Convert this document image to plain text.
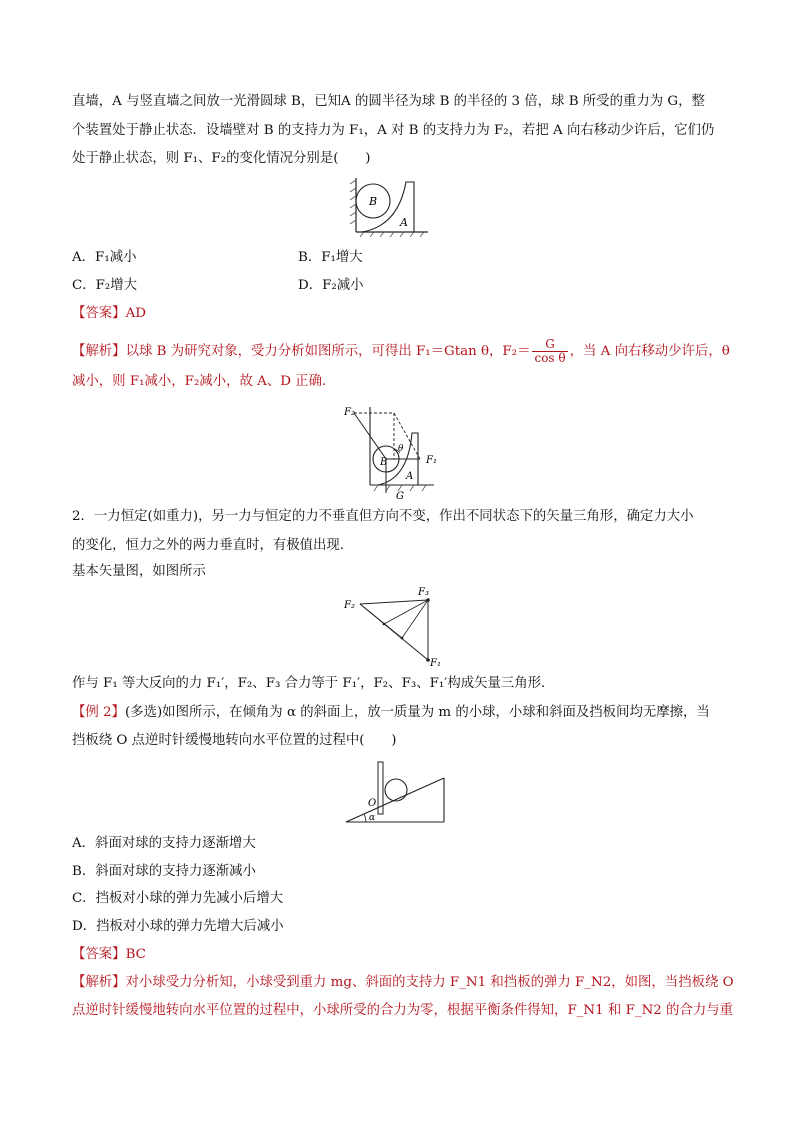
直墙，A 与竖直墙之间放一光滑圆球 B，已知A 的圆半径为球 B 的半径的 3 倍，球 B 所受的重力为 G，整
个装置处于静止状态．设墙壁对 B 的支持力为 F₁，A 对 B 的支持力为 F₂，若把 A 向右移动少许后，它们仍
处于静止状态，则 F₁、F₂的变化情况分别是(　　)
B
A
A．F₁减小	B．F₁增大
C．F₂增大	D．F₂减小
【答案】AD
【解析】以球 B 为研究对象，受力分析如图所示，可得出 F₁＝Gtan θ，$F_2= \frac{G}{\text{cos θ}}$ ，当 A 向右移动少许后，θ
减小，则 F₁减小，F₂减小，故 A、D 正确．
F₂
F₁
G
B
A
θ
2．一力恒定(如重力)，另一力与恒定的力不垂直但方向不变，作出不同状态下的矢量三角形，确定力大小
的变化，恒力之外的两力垂直时，有极值出现．
基本矢量图，如图所示
F₂
F₃
F₁
作与 F₁ 等大反向的力 F₁′，F₂、F₃ 合力等于 F₁′，F₂、F₃、F₁′构成矢量三角形．
【例 2】(多选)如图所示，在倾角为 α 的斜面上，放一质量为 m 的小球，小球和斜面及挡板间均无摩擦，当
挡板绕 O 点逆时针缓慢地转向水平位置的过程中(　　)
O
α
A．斜面对球的支持力逐渐增大
B．斜面对球的支持力逐渐减小
C．挡板对小球的弹力先减小后增大
D．挡板对小球的弹力先增大后减小
【答案】BC
【解析】对小球受力分析知，小球受到重力 mg、斜面的支持力 F_N1 和挡板的弹力 F_N2，如图，当挡板绕 O
点逆时针缓慢地转向水平位置的过程中，小球所受的合力为零，根据平衡条件得知，F_N1 和 F_N2 的合力与重
